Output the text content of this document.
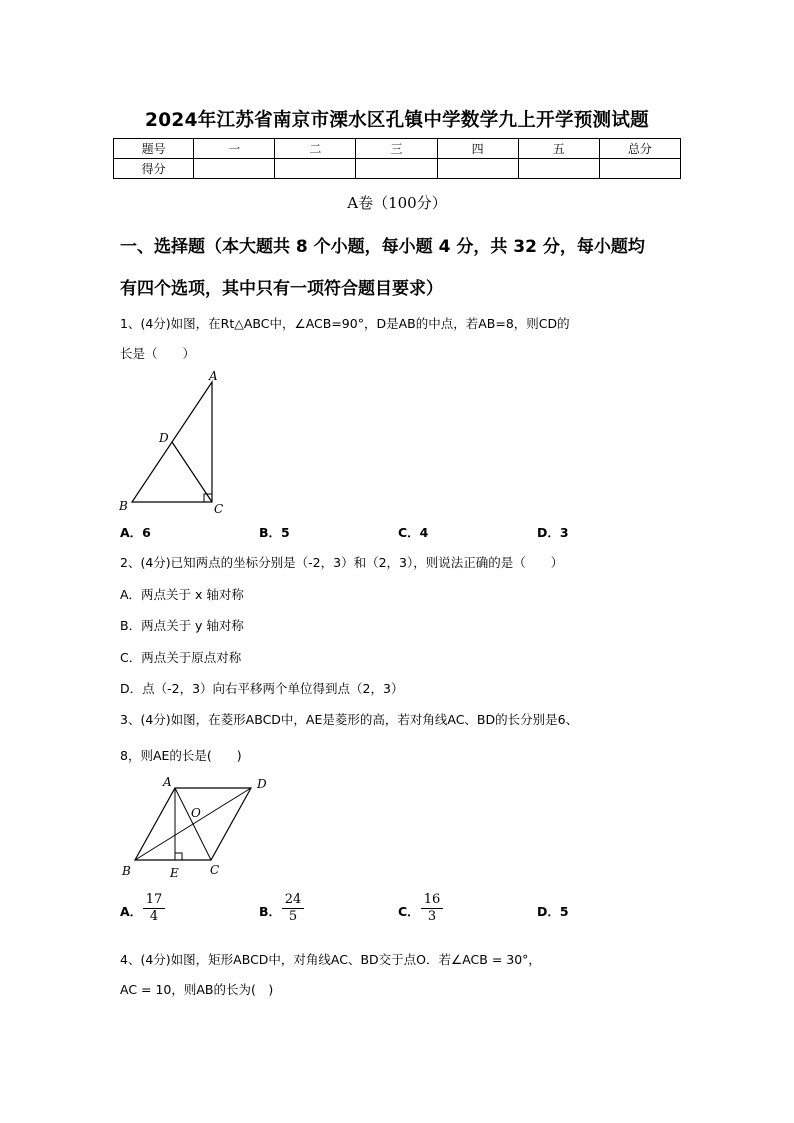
2024年江苏省南京市溧水区孔镇中学数学九上开学预测试题
题号	一	二	三	四	五	总分
得分						
A卷（100分）
一、选择题（本大题共 8 个小题，每小题 4 分，共 32 分，每小题均
有四个选项，其中只有一项符合题目要求）
1、(4分)如图，在Rt△ABC中，∠ACB=90°，D是AB的中点，若AB=8，则CD的
长是（　　）
A
D
B	C
A．6	B．5	C．4	D．3
2、(4分)已知两点的坐标分别是（-2，3）和（2，3），则说法正确的是（　　）
A．两点关于 x 轴对称
B．两点关于 y 轴对称
C．两点关于原点对称
D．点（-2，3）向右平移两个单位得到点（2，3）
3、(4分)如图，在菱形ABCD中，AE是菱形的高，若对角线AC、BD的长分别是6、
8，则AE的长是(　　)
A	D
O
B	E	C
A． $\frac{17}{4}$	B． $\frac{24}{5}$	C． $\frac{16}{3}$	D．5
4、(4分)如图，矩形ABCD中，对角线AC、BD交于点O．若∠ACB = 30°，
AC = 10，则AB的长为(　)
